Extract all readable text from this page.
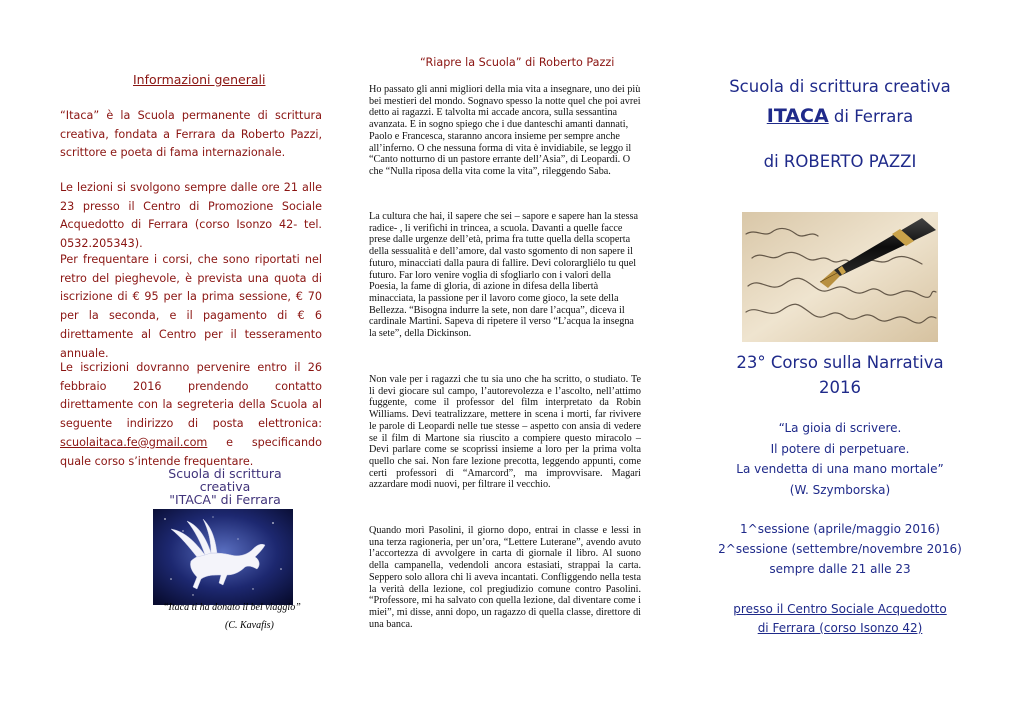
Informazioni generali

“Itaca” è la Scuola permanente di scrittura creativa, fondata a Ferrara da Roberto Pazzi, scrittore e poeta di fama internazionale.

Le lezioni si svolgono sempre dalle ore 21 alle 23 presso il Centro di Promozione Sociale Acquedotto di Ferrara (corso Isonzo 42- tel. 0532.205343).

Per frequentare i corsi, che sono riportati nel retro del pieghevole, è prevista una quota di iscrizione di € 95 per la prima sessione, € 70 per la seconda, e il pagamento di € 6 direttamente al Centro per il tesseramento annuale.

Le iscrizioni dovranno pervenire entro il 26 febbraio 2016 prendendo contatto direttamente con la segreteria della Scuola al seguente indirizzo di posta elettronica: scuolaitaca.fe@gmail.com e specificando quale corso s’intende frequentare.

Scuola di scrittura
creativa
"ITACA" di Ferrara
“Itaca ti ha donato il bel viaggio”
(C. Kavafis)
“Riapre la Scuola” di Roberto Pazzi

Ho passato gli anni migliori della mia vita a insegnare, uno dei più bei mestieri del mondo. Sognavo spesso la notte quel che poi avrei detto ai ragazzi. E talvolta mi accade ancora, sulla sessantina avanzata. E in sogno spiego che i due danteschi amanti dannati, Paolo e Francesca, staranno ancora insieme per sempre anche all’inferno. O che nessuna forma di vita è invidiabile, se leggo il “Canto notturno di un pastore errante dell’Asia”, di Leopardi. O che “Nulla riposa della vita come la vita”, rileggendo Saba.

La cultura che hai, il sapere che sei – sapore e sapere han la stessa radice- , li verifichi in trincea, a scuola. Davanti a quelle facce prese dalle urgenze dell’età, prima fra tutte quella della scoperta della sessualità e dell’amore, dal vasto sgomento di non sapere il futuro, minacciati dalla paura di fallire. Devi colorargliélo tu quel futuro. Far loro venire voglia di sfogliarlo con i valori della Poesia, la fame di gloria, di azione in difesa della libertà minacciata, la passione per il lavoro come gioco, la sete della Bellezza. “Bisogna indurre la sete, non dare l’acqua”, diceva il cardinale Martini. Sapeva di ripetere il verso “L’acqua la insegna la sete”, della Dickinson.

Non vale per i ragazzi che tu sia uno che ha scritto, o studiato. Te li devi giocare sul campo, l’autorevolezza e l’ascolto, nell’attimo fuggente, come il professor del film interpretato da Robin Williams. Devi teatralizzare, mettere in scena i morti, far rivivere le parole di Leopardi nelle tue stesse – aspetto con ansia di vedere se il film di Martone sia riuscito a compiere questo miracolo – Devi parlare come se scoprissi insieme a loro per la prima volta quello che sai. Non fare lezione precotta, leggendo appunti, come certi professori di “Amarcord”, ma improvvisare. Magari azzardare modi nuovi, per filtrare il vecchio.

Quando morì Pasolini, il giorno dopo, entrai in classe e lessi in una terza ragioneria, per un’ora, “Lettere Luterane”, avendo avuto l’accortezza di avvolgere in carta di giornale il libro. Al suono della campanella, vedendoli ancora estasiati, strappai la carta. Seppero solo allora chi li aveva incantati. Confliggendo nella testa la verità della lezione, col pregiudizio comune contro Pasolini. “Professore, mi ha salvato con quella lezione, dal diventare come i miei”, mi disse, anni dopo, un ragazzo di quella classe, direttore di una banca.

Scuola di scrittura creativa
ITACA di Ferrara
di ROBERTO PAZZI
23° Corso sulla Narrativa
2016
“La gioia di scrivere.
Il potere di perpetuare.
La vendetta di una mano mortale”
(W. Szymborska)
1^sessione (aprile/maggio 2016)
2^sessione (settembre/novembre 2016)
sempre dalle 21 alle 23
presso il Centro Sociale Acquedotto
di Ferrara (corso Isonzo 42)
